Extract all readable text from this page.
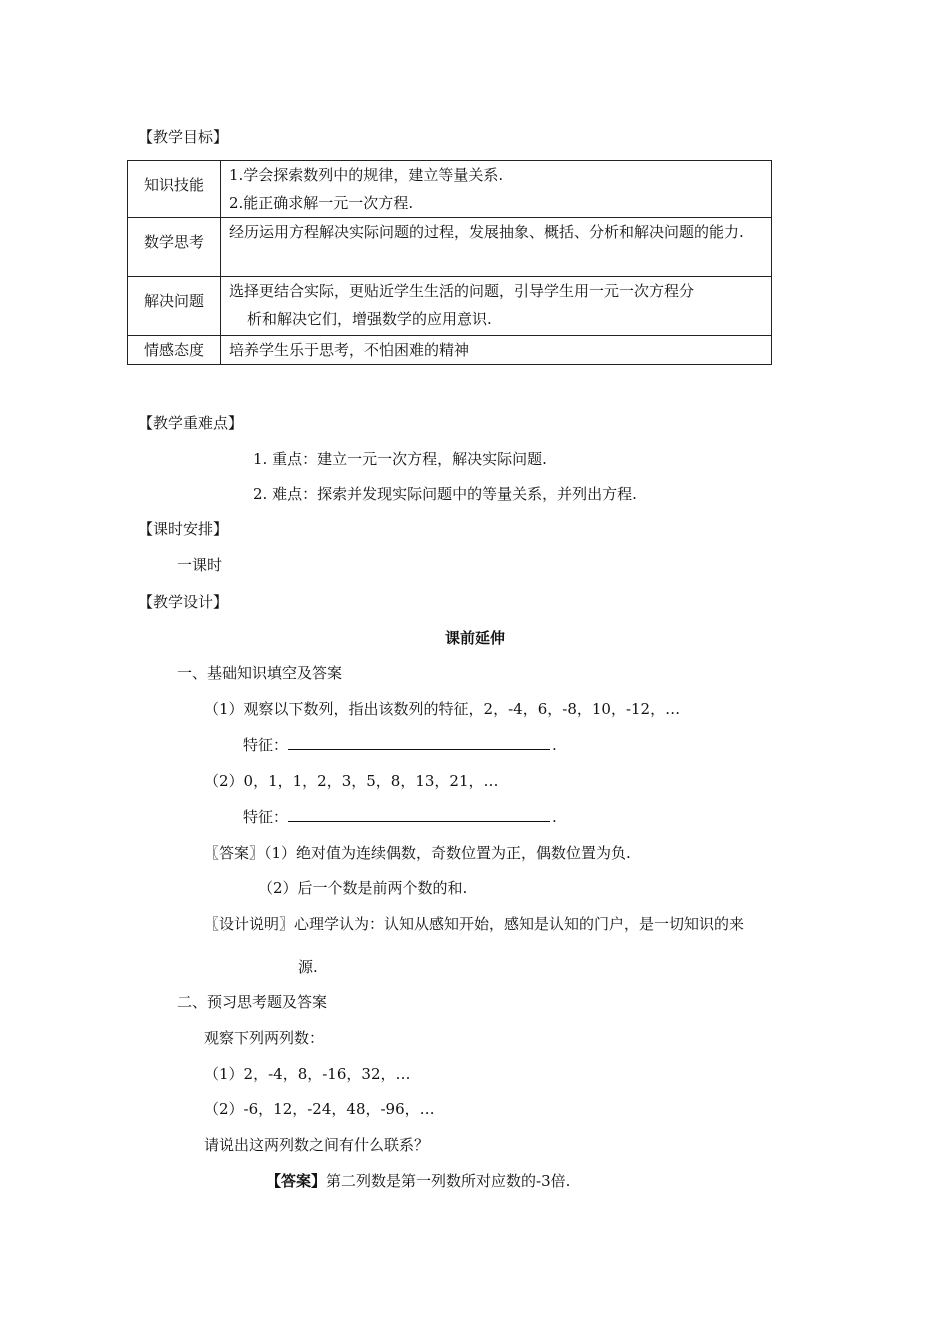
【教学目标】
知识技能	1.学会探索数列中的规律，建立等量关系.
2.能正确求解一元一次方程.

数学思考	经历运用方程解决实际问题的过程，发展抽象、概括、分析和解决问题的能力.
解决问题	选择更结合实际，更贴近学生生活的问题，引导学生用一元一次方程分
析和解决它们，增强数学的应用意识.

情感态度	培养学生乐于思考，不怕困难的精神
【教学重难点】
1. 重点：建立一元一次方程，解决实际问题.
2. 难点：探索并发现实际问题中的等量关系，并列出方程.
【课时安排】
一课时
【教学设计】
课前延伸
一、基础知识填空及答案
（1）观察以下数列，指出该数列的特征，2，-4，6，-8，10，-12，…
特征：	.
（2）0，1，1，2，3，5，8，13，21，…
特征：	.
〖答案〗（1）绝对值为连续偶数，奇数位置为正，偶数位置为负.
（2）后一个数是前两个数的和.
〖设计说明〗心理学认为：认知从感知开始，感知是认知的门户，是一切知识的来
源.
二、预习思考题及答案
观察下列两列数：
（1）2，-4，8，-16，32，…
（2）-6，12，-24，48，-96，…
请说出这两列数之间有什么联系？
【答案】第二列数是第一列数所对应数的-3倍.
